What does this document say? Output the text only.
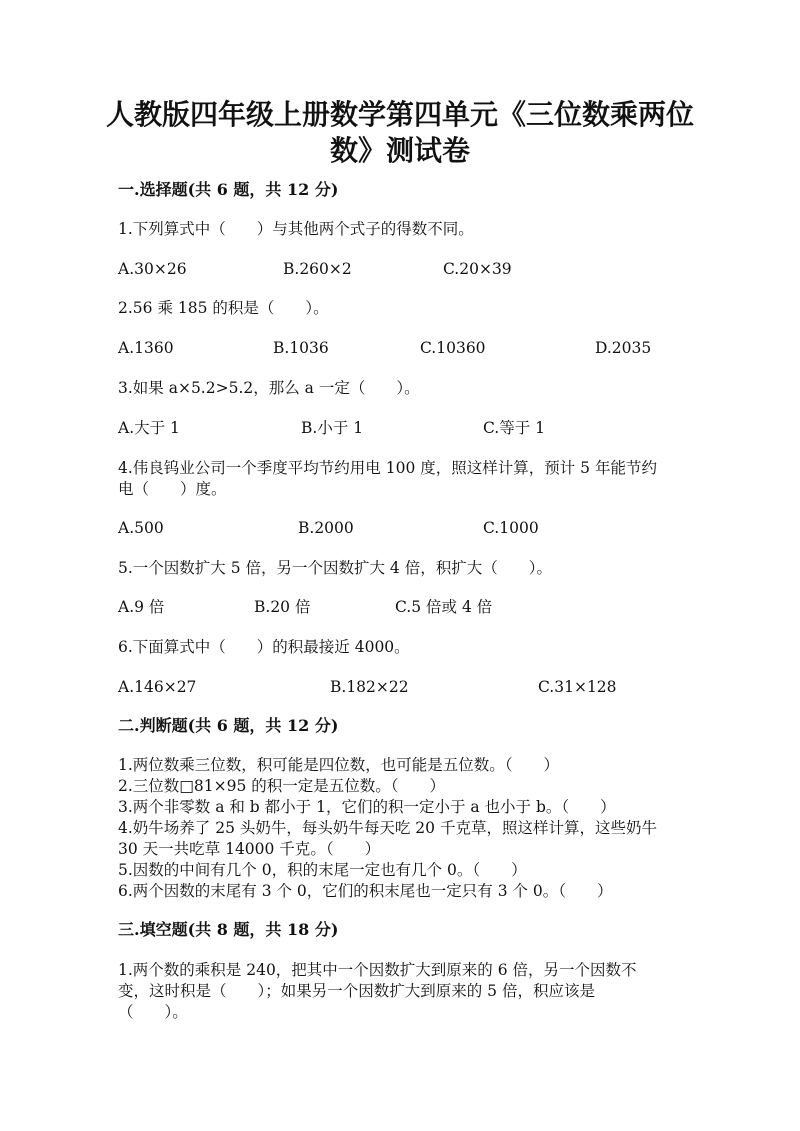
人教版四年级上册数学第四单元《三位数乘两位
数》测试卷
一.选择题(共 6 题，共 12 分)

1.下列算式中（　　）与其他两个式子的得数不同。

A.30×26	B.260×2	C.20×39

2.56 乘 185 的积是（　　）。

A.1360	B.1036	C.10360	D.2035

3.如果 a×5.2>5.2，那么 a 一定（　　）。

A.大于 1	B.小于 1	C.等于 1

4.伟良钨业公司一个季度平均节约用电 100 度，照这样计算，预计 5 年能节约

电（　　）度。

A.500	B.2000	C.1000

5.一个因数扩大 5 倍，另一个因数扩大 4 倍，积扩大（　　）。

A.9 倍	B.20 倍	C.5 倍或 4 倍

6.下面算式中（　　）的积最接近 4000。

A.146×27	B.182×22	C.31×128
二.判断题(共 6 题，共 12 分)

1.两位数乘三位数，积可能是四位数，也可能是五位数。（　　）

2.三位数□81×95 的积一定是五位数。（　　）

3.两个非零数 a 和 b 都小于 1，它们的积一定小于 a 也小于 b。（　　）

4.奶牛场养了 25 头奶牛，每头奶牛每天吃 20 千克草，照这样计算，这些奶牛

30 天一共吃草 14000 千克。（　　）

5.因数的中间有几个 0，积的末尾一定也有几个 0。（　　）

6.两个因数的末尾有 3 个 0，它们的积末尾也一定只有 3 个 0。（　　）

三.填空题(共 8 题，共 18 分)

1.两个数的乘积是 240，把其中一个因数扩大到原来的 6 倍，另一个因数不

变，这时积是（　　）；如果另一个因数扩大到原来的 5 倍，积应该是

（　　）。
